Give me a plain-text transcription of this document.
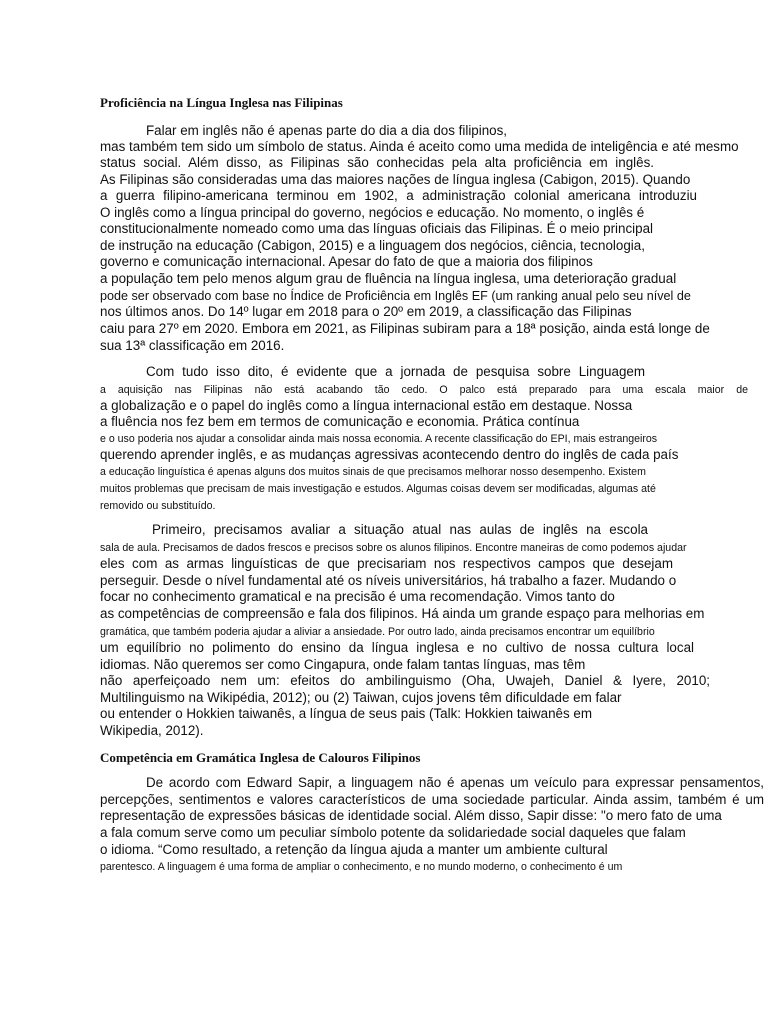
Proficiência na Língua Inglesa nas Filipinas
Falar em inglês não é apenas parte do dia a dia dos filipinos,
mas também tem sido um símbolo de status. Ainda é aceito como uma medida de inteligência e até mesmo
status social. Além disso, as Filipinas são conhecidas pela alta proficiência em inglês.
As Filipinas são consideradas uma das maiores nações de língua inglesa (Cabigon, 2015). Quando
a guerra filipino-americana terminou em 1902, a administração colonial americana introduziu
O inglês como a língua principal do governo, negócios e educação. No momento, o inglês é
constitucionalmente nomeado como uma das línguas oficiais das Filipinas. É o meio principal
de instrução na educação (Cabigon, 2015) e a linguagem dos negócios, ciência, tecnologia,
governo e comunicação internacional. Apesar do fato de que a maioria dos filipinos
a população tem pelo menos algum grau de fluência na língua inglesa, uma deterioração gradual
pode ser observado com base no Índice de Proficiência em Inglês EF (um ranking anual pelo seu nível de
nos últimos anos. Do 14º lugar em 2018 para o 20º em 2019, a classificação das Filipinas
caiu para 27º em 2020. Embora em 2021, as Filipinas subiram para a 18ª posição, ainda está longe de
sua 13ª classificação em 2016.
Com tudo isso dito, é evidente que a jornada de pesquisa sobre Linguagem
a aquisição nas Filipinas não está acabando tão cedo. O palco está preparado para uma escala maior de
a globalização e o papel do inglês como a língua internacional estão em destaque. Nossa
a fluência nos fez bem em termos de comunicação e economia. Prática contínua
e o uso poderia nos ajudar a consolidar ainda mais nossa economia. A recente classificação do EPI, mais estrangeiros
querendo aprender inglês, e as mudanças agressivas acontecendo dentro do inglês de cada país
a educação linguística é apenas alguns dos muitos sinais de que precisamos melhorar nosso desempenho. Existem
muitos problemas que precisam de mais investigação e estudos. Algumas coisas devem ser modificadas, algumas até
removido ou substituído.
Primeiro, precisamos avaliar a situação atual nas aulas de inglês na escola
sala de aula. Precisamos de dados frescos e precisos sobre os alunos filipinos. Encontre maneiras de como podemos ajudar
eles com as armas linguísticas de que precisariam nos respectivos campos que desejam
perseguir. Desde o nível fundamental até os níveis universitários, há trabalho a fazer. Mudando o
focar no conhecimento gramatical e na precisão é uma recomendação. Vimos tanto do
as competências de compreensão e fala dos filipinos. Há ainda um grande espaço para melhorias em
gramática, que também poderia ajudar a aliviar a ansiedade. Por outro lado, ainda precisamos encontrar um equilíbrio
um equilíbrio no polimento do ensino da língua inglesa e no cultivo de nossa cultura local
idiomas. Não queremos ser como Cingapura, onde falam tantas línguas, mas têm
não aperfeiçoado nem um: efeitos do ambilinguismo (Oha, Uwajeh, Daniel & Iyere, 2010;
Multilinguismo na Wikipédia, 2012); ou (2) Taiwan, cujos jovens têm dificuldade em falar
ou entender o Hokkien taiwanês, a língua de seus pais (Talk: Hokkien taiwanês em
Wikipedia, 2012).
Competência em Gramática Inglesa de Calouros Filipinos
De acordo com Edward Sapir, a linguagem não é apenas um veículo para expressar pensamentos,
percepções, sentimentos e valores característicos de uma sociedade particular. Ainda assim, também é um
representação de expressões básicas de identidade social. Além disso, Sapir disse: "o mero fato de uma
a fala comum serve como um peculiar símbolo potente da solidariedade social daqueles que falam
o idioma. “Como resultado, a retenção da língua ajuda a manter um ambiente cultural
parentesco. A linguagem é uma forma de ampliar o conhecimento, e no mundo moderno, o conhecimento é um
